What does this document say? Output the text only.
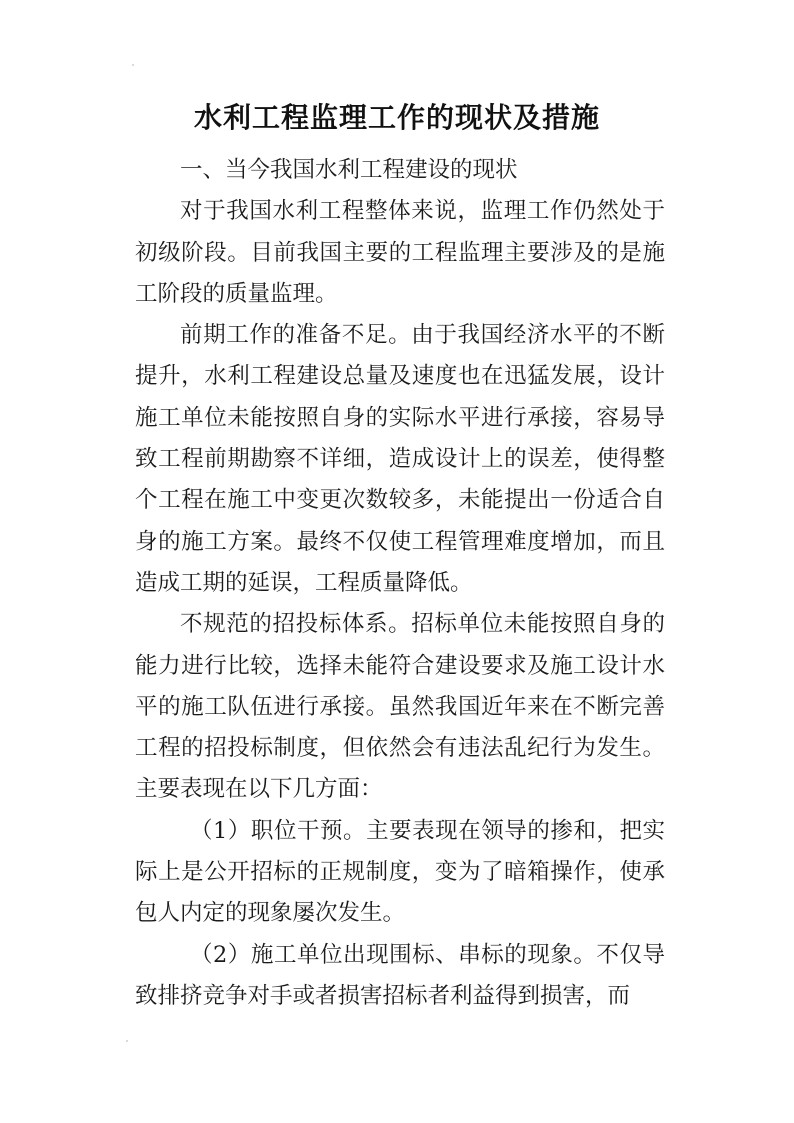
水利工程监理工作的现状及措施

一、当今我国水利工程建设的现状

对于我国水利工程整体来说，监理工作仍然处于初级阶段。目前我国主要的工程监理主要涉及的是施工阶段的质量监理。

前期工作的准备不足。由于我国经济水平的不断提升，水利工程建设总量及速度也在迅猛发展，设计施工单位未能按照自身的实际水平进行承接，容易导致工程前期勘察不详细，造成设计上的误差，使得整个工程在施工中变更次数较多，未能提出一份适合自身的施工方案。最终不仅使工程管理难度增加，而且造成工期的延误，工程质量降低。

不规范的招投标体系。招标单位未能按照自身的能力进行比较，选择未能符合建设要求及施工设计水平的施工队伍进行承接。虽然我国近年来在不断完善工程的招投标制度，但依然会有违法乱纪行为发生。主要表现在以下几方面：

（1）职位干预。主要表现在领导的掺和，把实际上是公开招标的正规制度，变为了暗箱操作，使承包人内定的现象屡次发生。

（2）施工单位出现围标、串标的现象。不仅导致排挤竞争对手或者损害招标者利益得到损害，而
